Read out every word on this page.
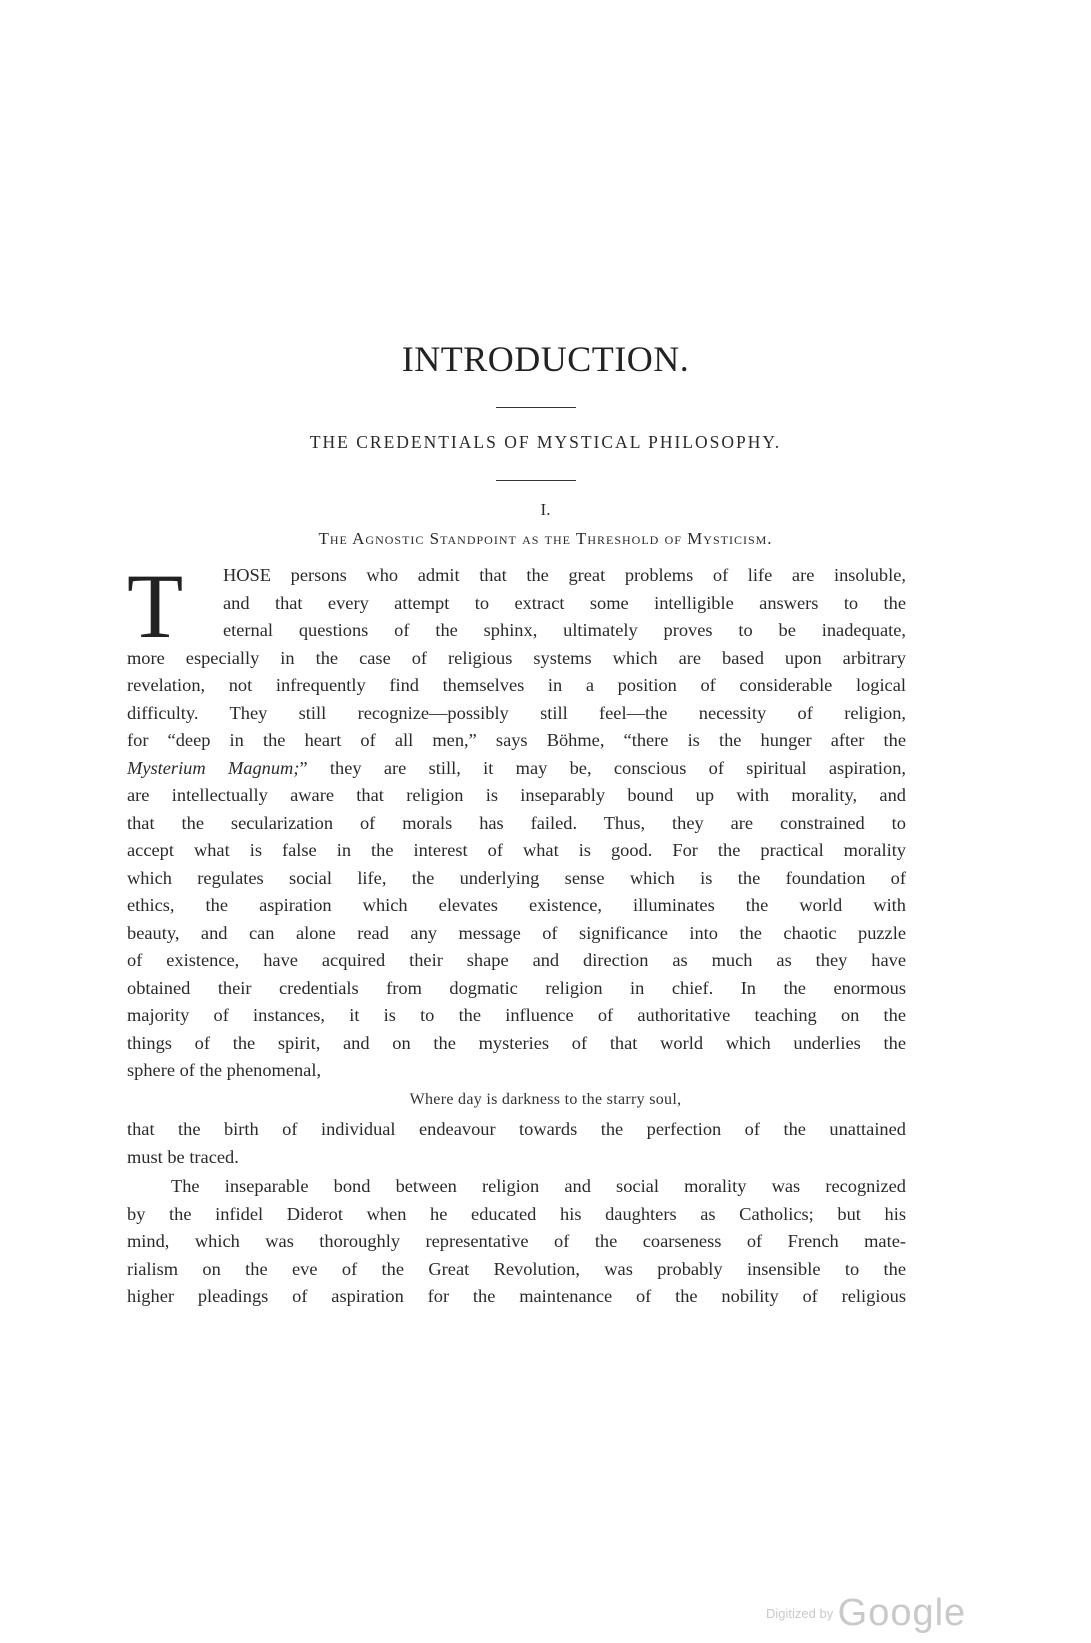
INTRODUCTION.
THE CREDENTIALS OF MYSTICAL PHILOSOPHY.
I.
The Agnostic Standpoint as the Threshold of Mysticism.
T	HOSE persons who admit that the great problems of life are insoluble,
and that every attempt to extract some intelligible answers to the
eternal questions of the sphinx, ultimately proves to be inadequate,
more especially in the case of religious systems which are based upon arbitrary
revelation, not infrequently find themselves in a position of considerable logical
difficulty. They still recognize—possibly still feel—the necessity of religion,
for “deep in the heart of all men,” says Böhme, “there is the hunger after the
Mysterium Magnum;” they are still, it may be, conscious of spiritual aspiration,
are intellectually aware that religion is inseparably bound up with morality, and
that the secularization of morals has failed. Thus, they are constrained to
accept what is false in the interest of what is good. For the practical morality
which regulates social life, the underlying sense which is the foundation of
ethics, the aspiration which elevates existence, illuminates the world with
beauty, and can alone read any message of significance into the chaotic puzzle
of existence, have acquired their shape and direction as much as they have
obtained their credentials from dogmatic religion in chief. In the enormous
majority of instances, it is to the influence of authoritative teaching on the
things of the spirit, and on the mysteries of that world which underlies the
sphere of the phenomenal,
Where day is darkness to the starry soul,
that the birth of individual endeavour towards the perfection of the unattained
must be traced.
The inseparable bond between religion and social morality was recognized
by the infidel Diderot when he educated his daughters as Catholics; but his
mind, which was thoroughly representative of the coarseness of French mate-
rialism on the eve of the Great Revolution, was probably insensible to the
higher pleadings of aspiration for the maintenance of the nobility of religious
Digitized by Google
